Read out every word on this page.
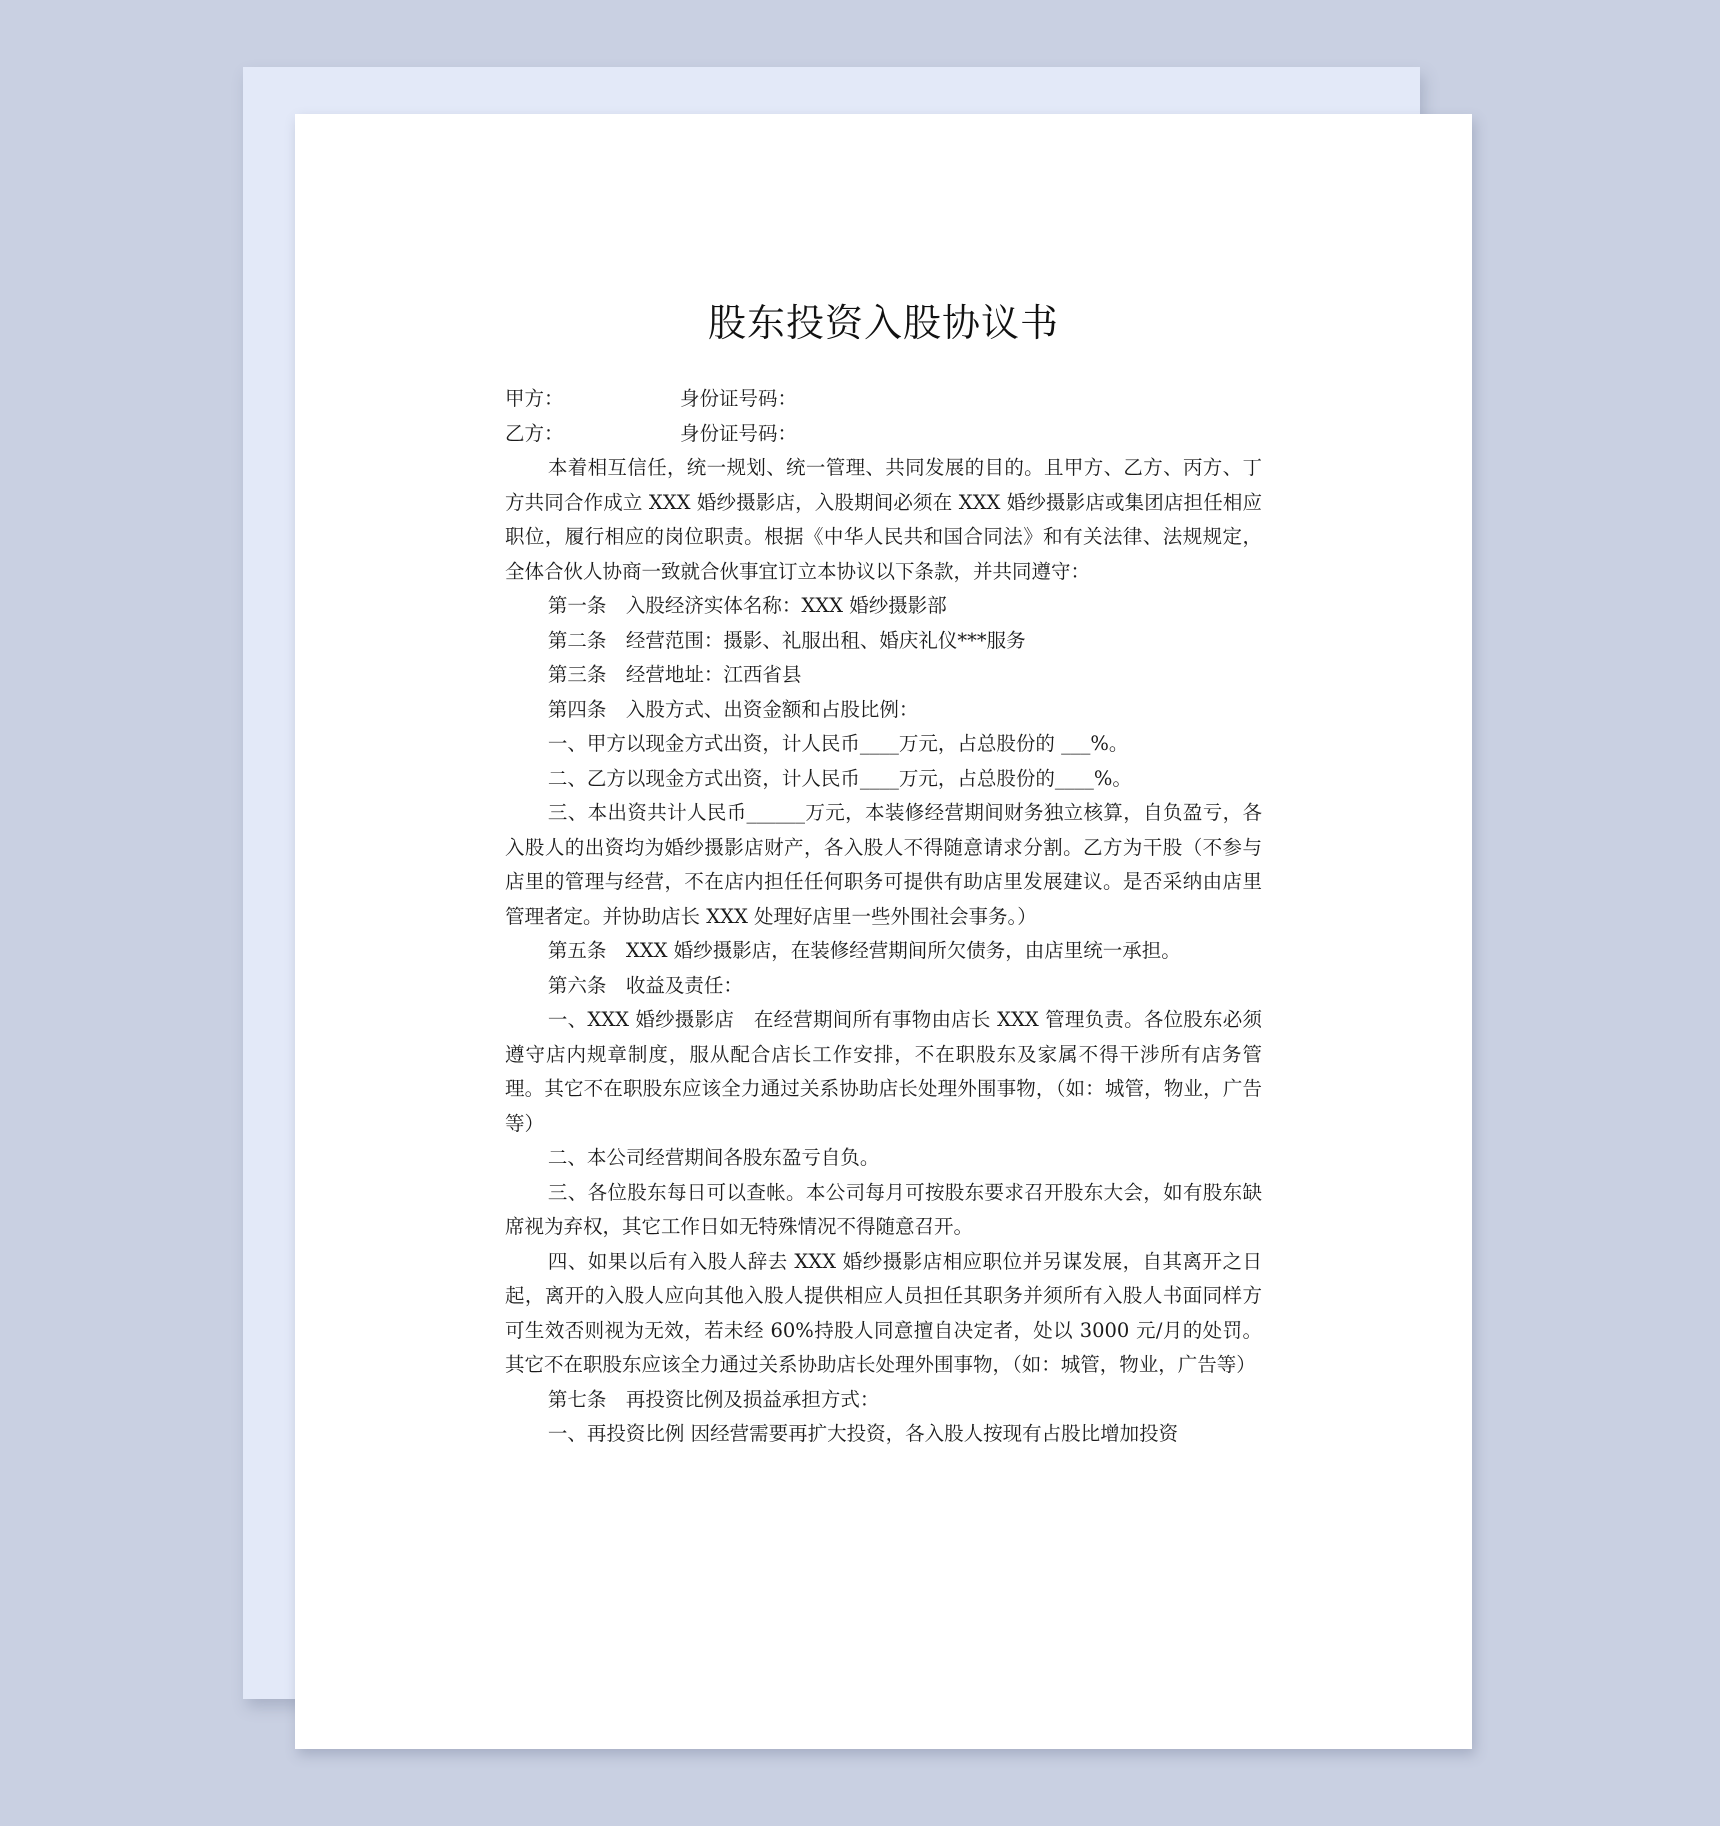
股东投资入股协议书

甲方：	身份证号码：

乙方：	身份证号码：

本着相互信任，统一规划、统一管理、共同发展的目的。且甲方、乙方、丙方、丁方共同合作成立 XXX 婚纱摄影店，入股期间必须在 XXX 婚纱摄影店或集团店担任相应职位，履行相应的岗位职责。根据《中华人民共和国合同法》和有关法律、法规规定，全体合伙人协商一致就合伙事宜订立本协议以下条款，并共同遵守：

第一条　入股经济实体名称：XXX 婚纱摄影部

第二条　经营范围：摄影、礼服出租、婚庆礼仪***服务

第三条　经营地址：江西省县

第四条　入股方式、出资金额和占股比例：

一、甲方以现金方式出资，计人民币____万元，占总股份的 ___%。

二、乙方以现金方式出资，计人民币____万元，占总股份的____%。

三、本出资共计人民币______万元，本装修经营期间财务独立核算，自负盈亏，各入股人的出资均为婚纱摄影店财产，各入股人不得随意请求分割。乙方为干股（不参与店里的管理与经营，不在店内担任任何职务可提供有助店里发展建议。是否采纳由店里管理者定。并协助店长 XXX 处理好店里一些外围社会事务。）

第五条　XXX 婚纱摄影店，在装修经营期间所欠债务，由店里统一承担。

第六条　收益及责任：

一、XXX 婚纱摄影店　在经营期间所有事物由店长 XXX 管理负责。各位股东必须遵守店内规章制度，服从配合店长工作安排，不在职股东及家属不得干涉所有店务管理。其它不在职股东应该全力通过关系协助店长处理外围事物，（如：城管，物业，广告等）

二、本公司经营期间各股东盈亏自负。

三、各位股东每日可以查帐。本公司每月可按股东要求召开股东大会，如有股东缺席视为弃权，其它工作日如无特殊情况不得随意召开。

四、如果以后有入股人辞去 XXX 婚纱摄影店相应职位并另谋发展，自其离开之日起，离开的入股人应向其他入股人提供相应人员担任其职务并须所有入股人书面同样方可生效否则视为无效，若未经 60%持股人同意擅自决定者，处以 3000 元/月的处罚。其它不在职股东应该全力通过关系协助店长处理外围事物，（如：城管，物业，广告等）

第七条　再投资比例及损益承担方式：

一、再投资比例 因经营需要再扩大投资，各入股人按现有占股比增加投资
